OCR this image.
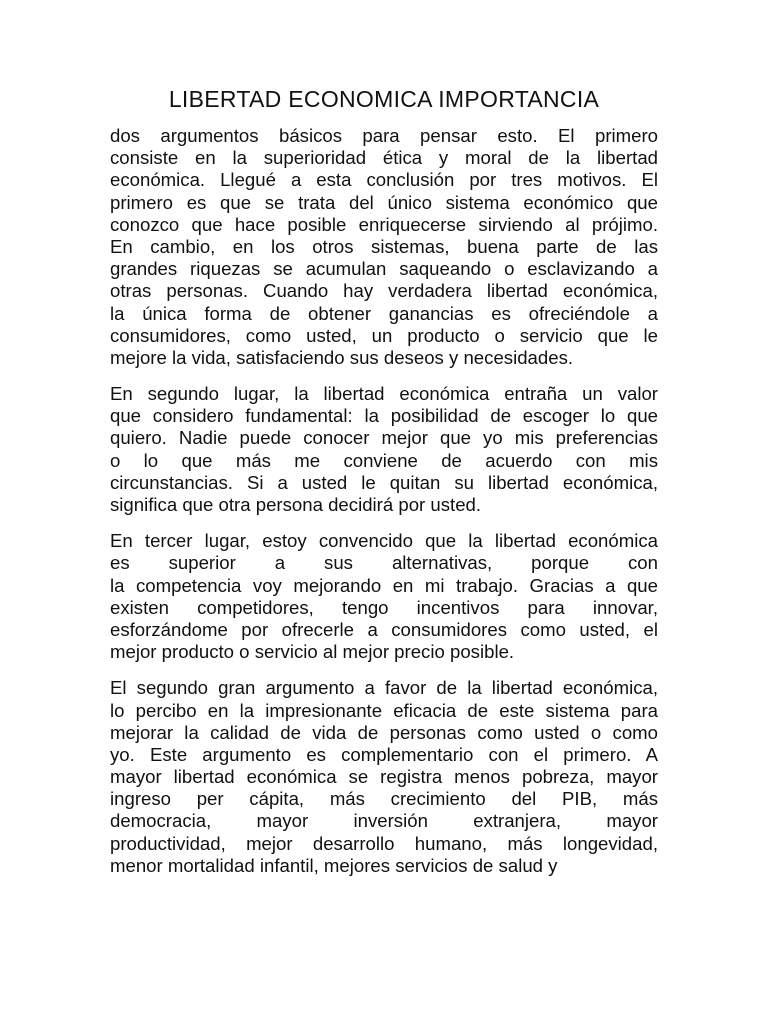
LIBERTAD ECONOMICA IMPORTANCIA

dos argumentos básicos para pensar esto. El primero
consiste en la superioridad ética y moral de la libertad
económica. Llegué a esta conclusión por tres motivos. El
primero es que se trata del único sistema económico que
conozco que hace posible enriquecerse sirviendo al prójimo.
En cambio, en los otros sistemas, buena parte de las
grandes riquezas se acumulan saqueando o esclavizando a
otras personas. Cuando hay verdadera libertad económica,
la única forma de obtener ganancias es ofreciéndole a
consumidores, como usted, un producto o servicio que le
mejore la vida, satisfaciendo sus deseos y necesidades.

En segundo lugar, la libertad económica entraña un valor
que considero fundamental: la posibilidad de escoger lo que
quiero. Nadie puede conocer mejor que yo mis preferencias
o lo que más me conviene de acuerdo con mis
circunstancias. Si a usted le quitan su libertad económica,
significa que otra persona decidirá por usted.

En tercer lugar, estoy convencido que la libertad económica
es superior a sus alternativas, porque con
la competencia voy mejorando en mi trabajo. Gracias a que
existen competidores, tengo incentivos para innovar,
esforzándome por ofrecerle a consumidores como usted, el
mejor producto o servicio al mejor precio posible.

El segundo gran argumento a favor de la libertad económica,
lo percibo en la impresionante eficacia de este sistema para
mejorar la calidad de vida de personas como usted o como
yo. Este argumento es complementario con el primero. A
mayor libertad económica se registra menos pobreza, mayor
ingreso per cápita, más crecimiento del PIB, más
democracia, mayor inversión extranjera, mayor
productividad, mejor desarrollo humano, más longevidad,
menor mortalidad infantil, mejores servicios de salud y
